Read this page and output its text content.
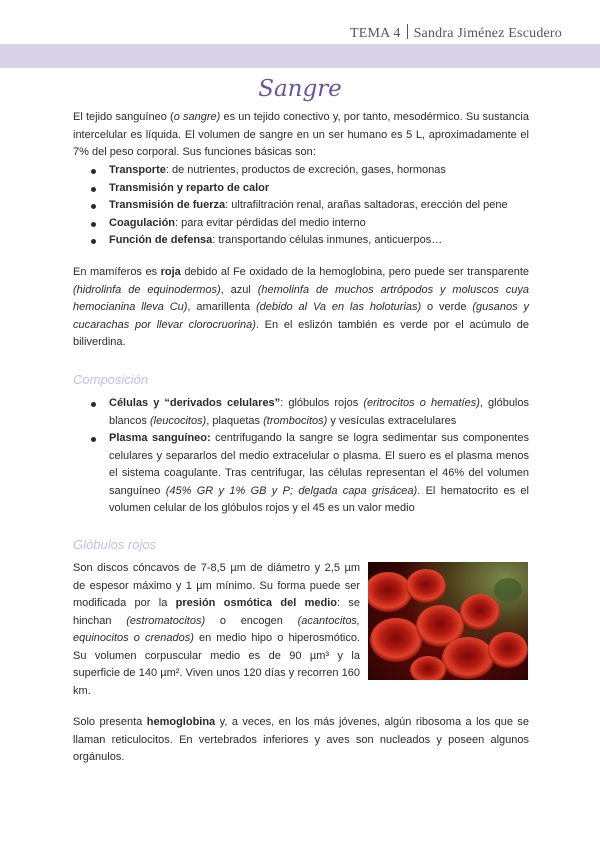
TEMA 4 Sandra Jiménez Escudero
Sangre
El tejido sanguíneo (o sangre) es un tejido conectivo y, por tanto, mesodérmico. Su sustancia intercelular es líquida. El volumen de sangre en un ser humano es 5 L, aproximadamente el 7% del peso corporal. Sus funciones básicas son:
Transporte: de nutrientes, productos de excreción, gases, hormonas
Transmisión y reparto de calor
Transmisión de fuerza: ultrafiltración renal, arañas saltadoras, erección del pene
Coagulación: para evitar pérdidas del medio interno
Función de defensa: transportando células inmunes, anticuerpos…
En mamíferos es roja debido al Fe oxidado de la hemoglobina, pero puede ser transparente (hidrolinfa de equinodermos), azul (hemolinfa de muchos artrópodos y moluscos cuya hemocianina lleva Cu), amarillenta (debido al Va en las holoturias) o verde (gusanos y cucarachas por llevar clorocruorina). En el eslizón también es verde por el acúmulo de biliverdina.
Composición
Células y “derivados celulares”: glóbulos rojos (eritrocitos o hematíes), glóbulos blancos (leucocitos), plaquetas (trombocitos) y vesículas extracelulares
Plasma sanguíneo: centrifugando la sangre se logra sedimentar sus componentes celulares y separarlos del medio extracelular o plasma. El suero es el plasma menos el sistema coagulante. Tras centrifugar, las células representan el 46% del volumen sanguíneo (45% GR y 1% GB y P; delgada capa grisácea). El hematocrito es el volumen celular de los glóbulos rojos y el 45 es un valor medio
Glóbulos rojos
Son discos cóncavos de 7-8,5 µm de diámetro y 2,5 µm de espesor máximo y 1 µm mínimo. Su forma puede ser modificada por la presión osmótica del medio: se hinchan (estromatocitos) o encogen (acantocitos, equinocitos o crenados) en medio hipo o hiperosmótico. Su volumen corpuscular medio es de 90 µm³ y la superficie de 140 µm². Viven unos 120 días y recorren 160 km.
Solo presenta hemoglobina y, a veces, en los más jóvenes, algún ribosoma a los que se llaman reticulocitos. En vertebrados inferiores y aves son nucleados y poseen algunos orgánulos.
